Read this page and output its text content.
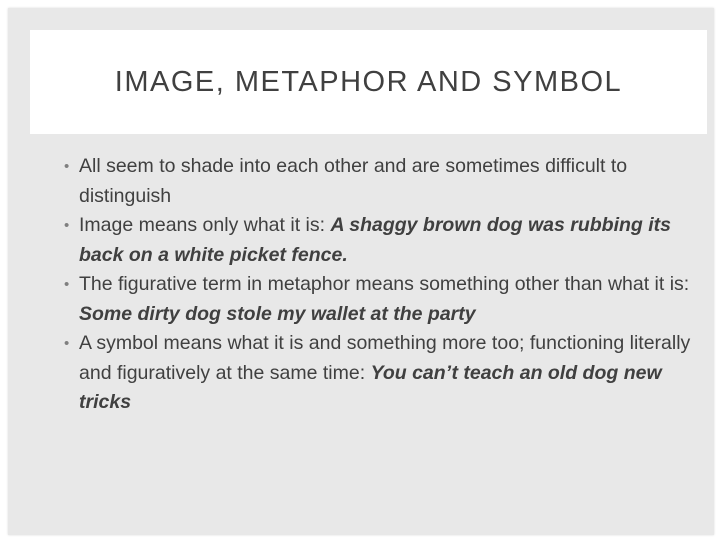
IMAGE, METAPHOR AND SYMBOL
• All seem to shade into each other and are sometimes difficult to distinguish
• Image means only what it is: A shaggy brown dog was rubbing its back on a white picket fence.
• The figurative term in metaphor means something other than what it is: Some dirty dog stole my wallet at the party
• A symbol means what it is and something more too; functioning literally and figuratively at the same time: You can’t teach an old dog new tricks
